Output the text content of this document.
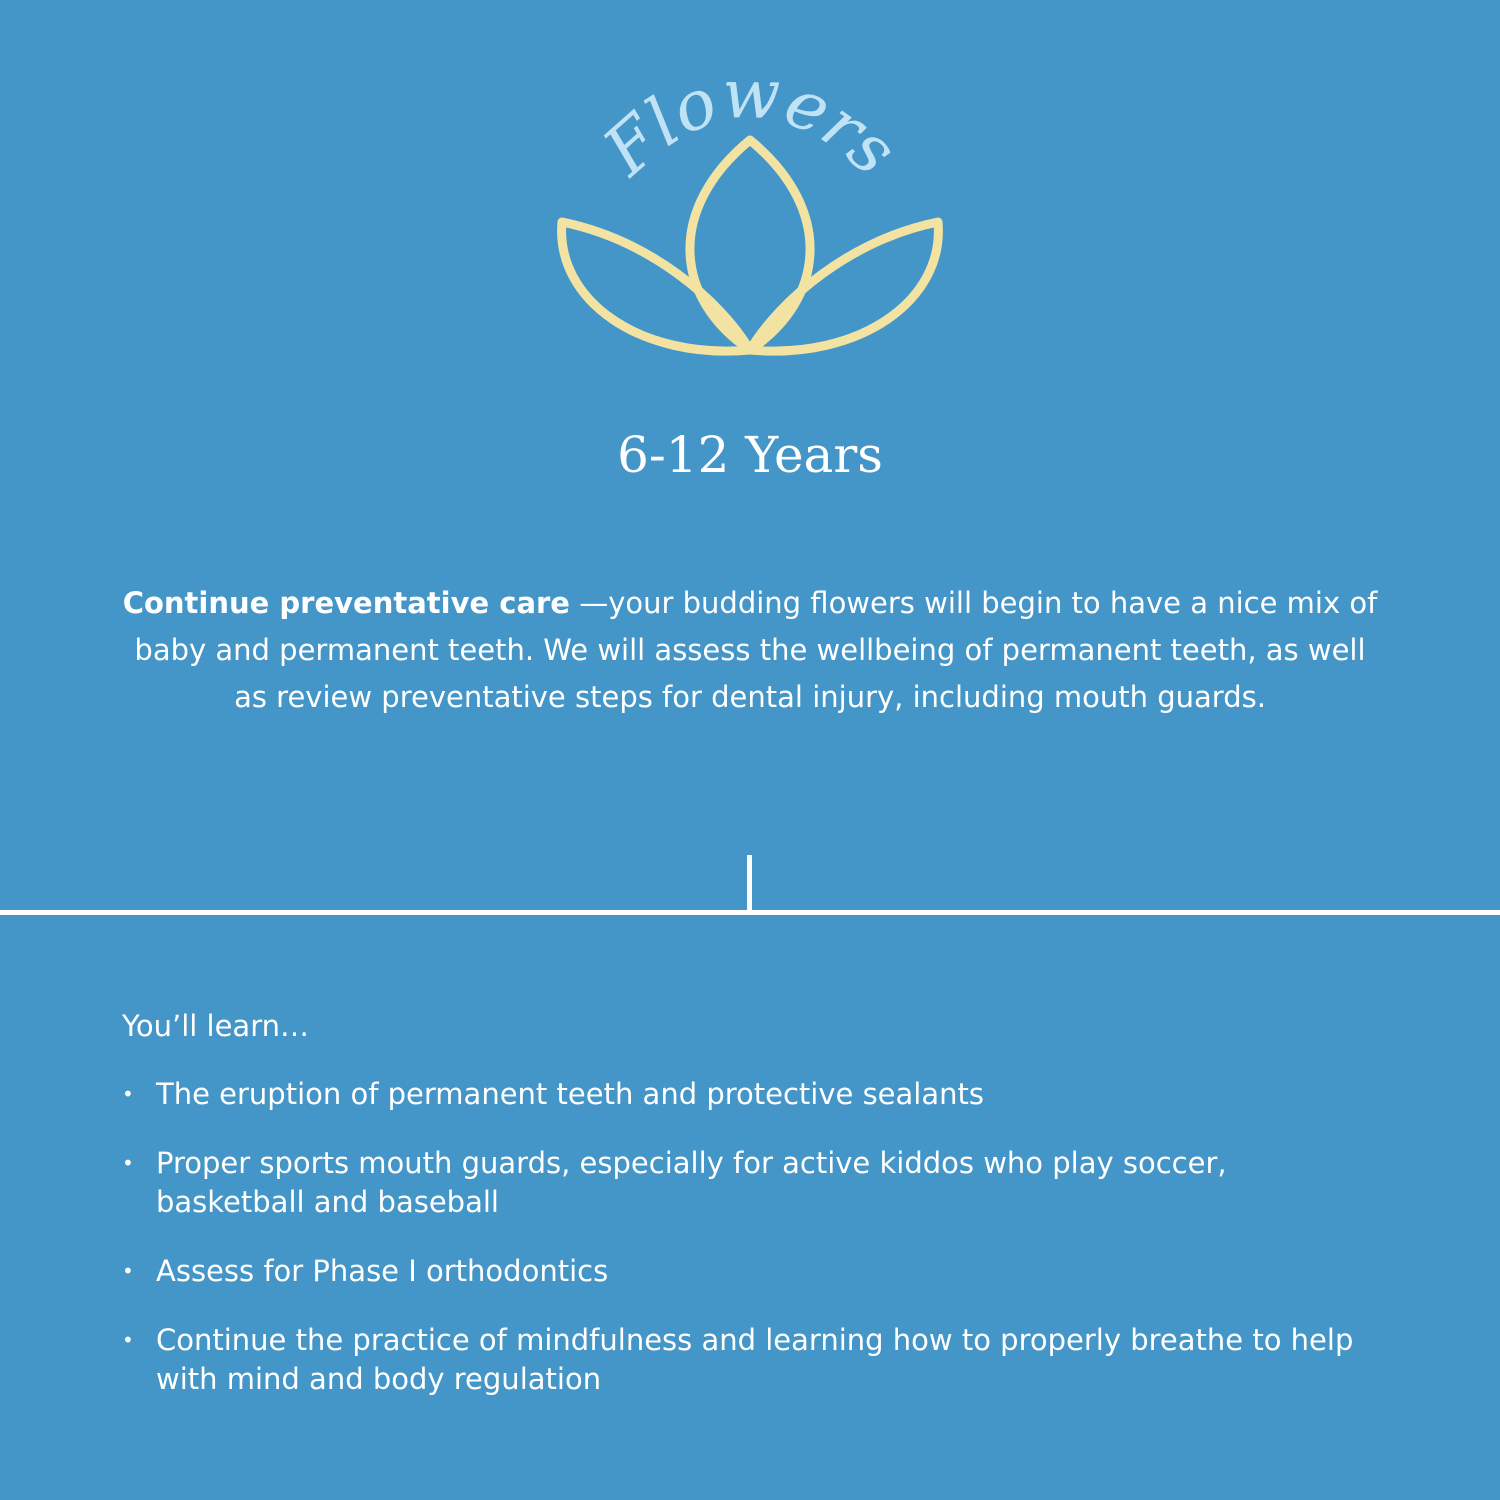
Flowers
6-12 Years

Continue preventative care —your budding flowers will begin to have a nice mix of baby and permanent teeth. We will assess the wellbeing of permanent teeth, as well as review preventative steps for dental injury, including mouth guards.

You’ll learn…

• The eruption of permanent teeth and protective sealants
• Proper sports mouth guards, especially for active kiddos who play soccer, basketball and baseball
• Assess for Phase I orthodontics
• Continue the practice of mindfulness and learning how to properly breathe to help with mind and body regulation
